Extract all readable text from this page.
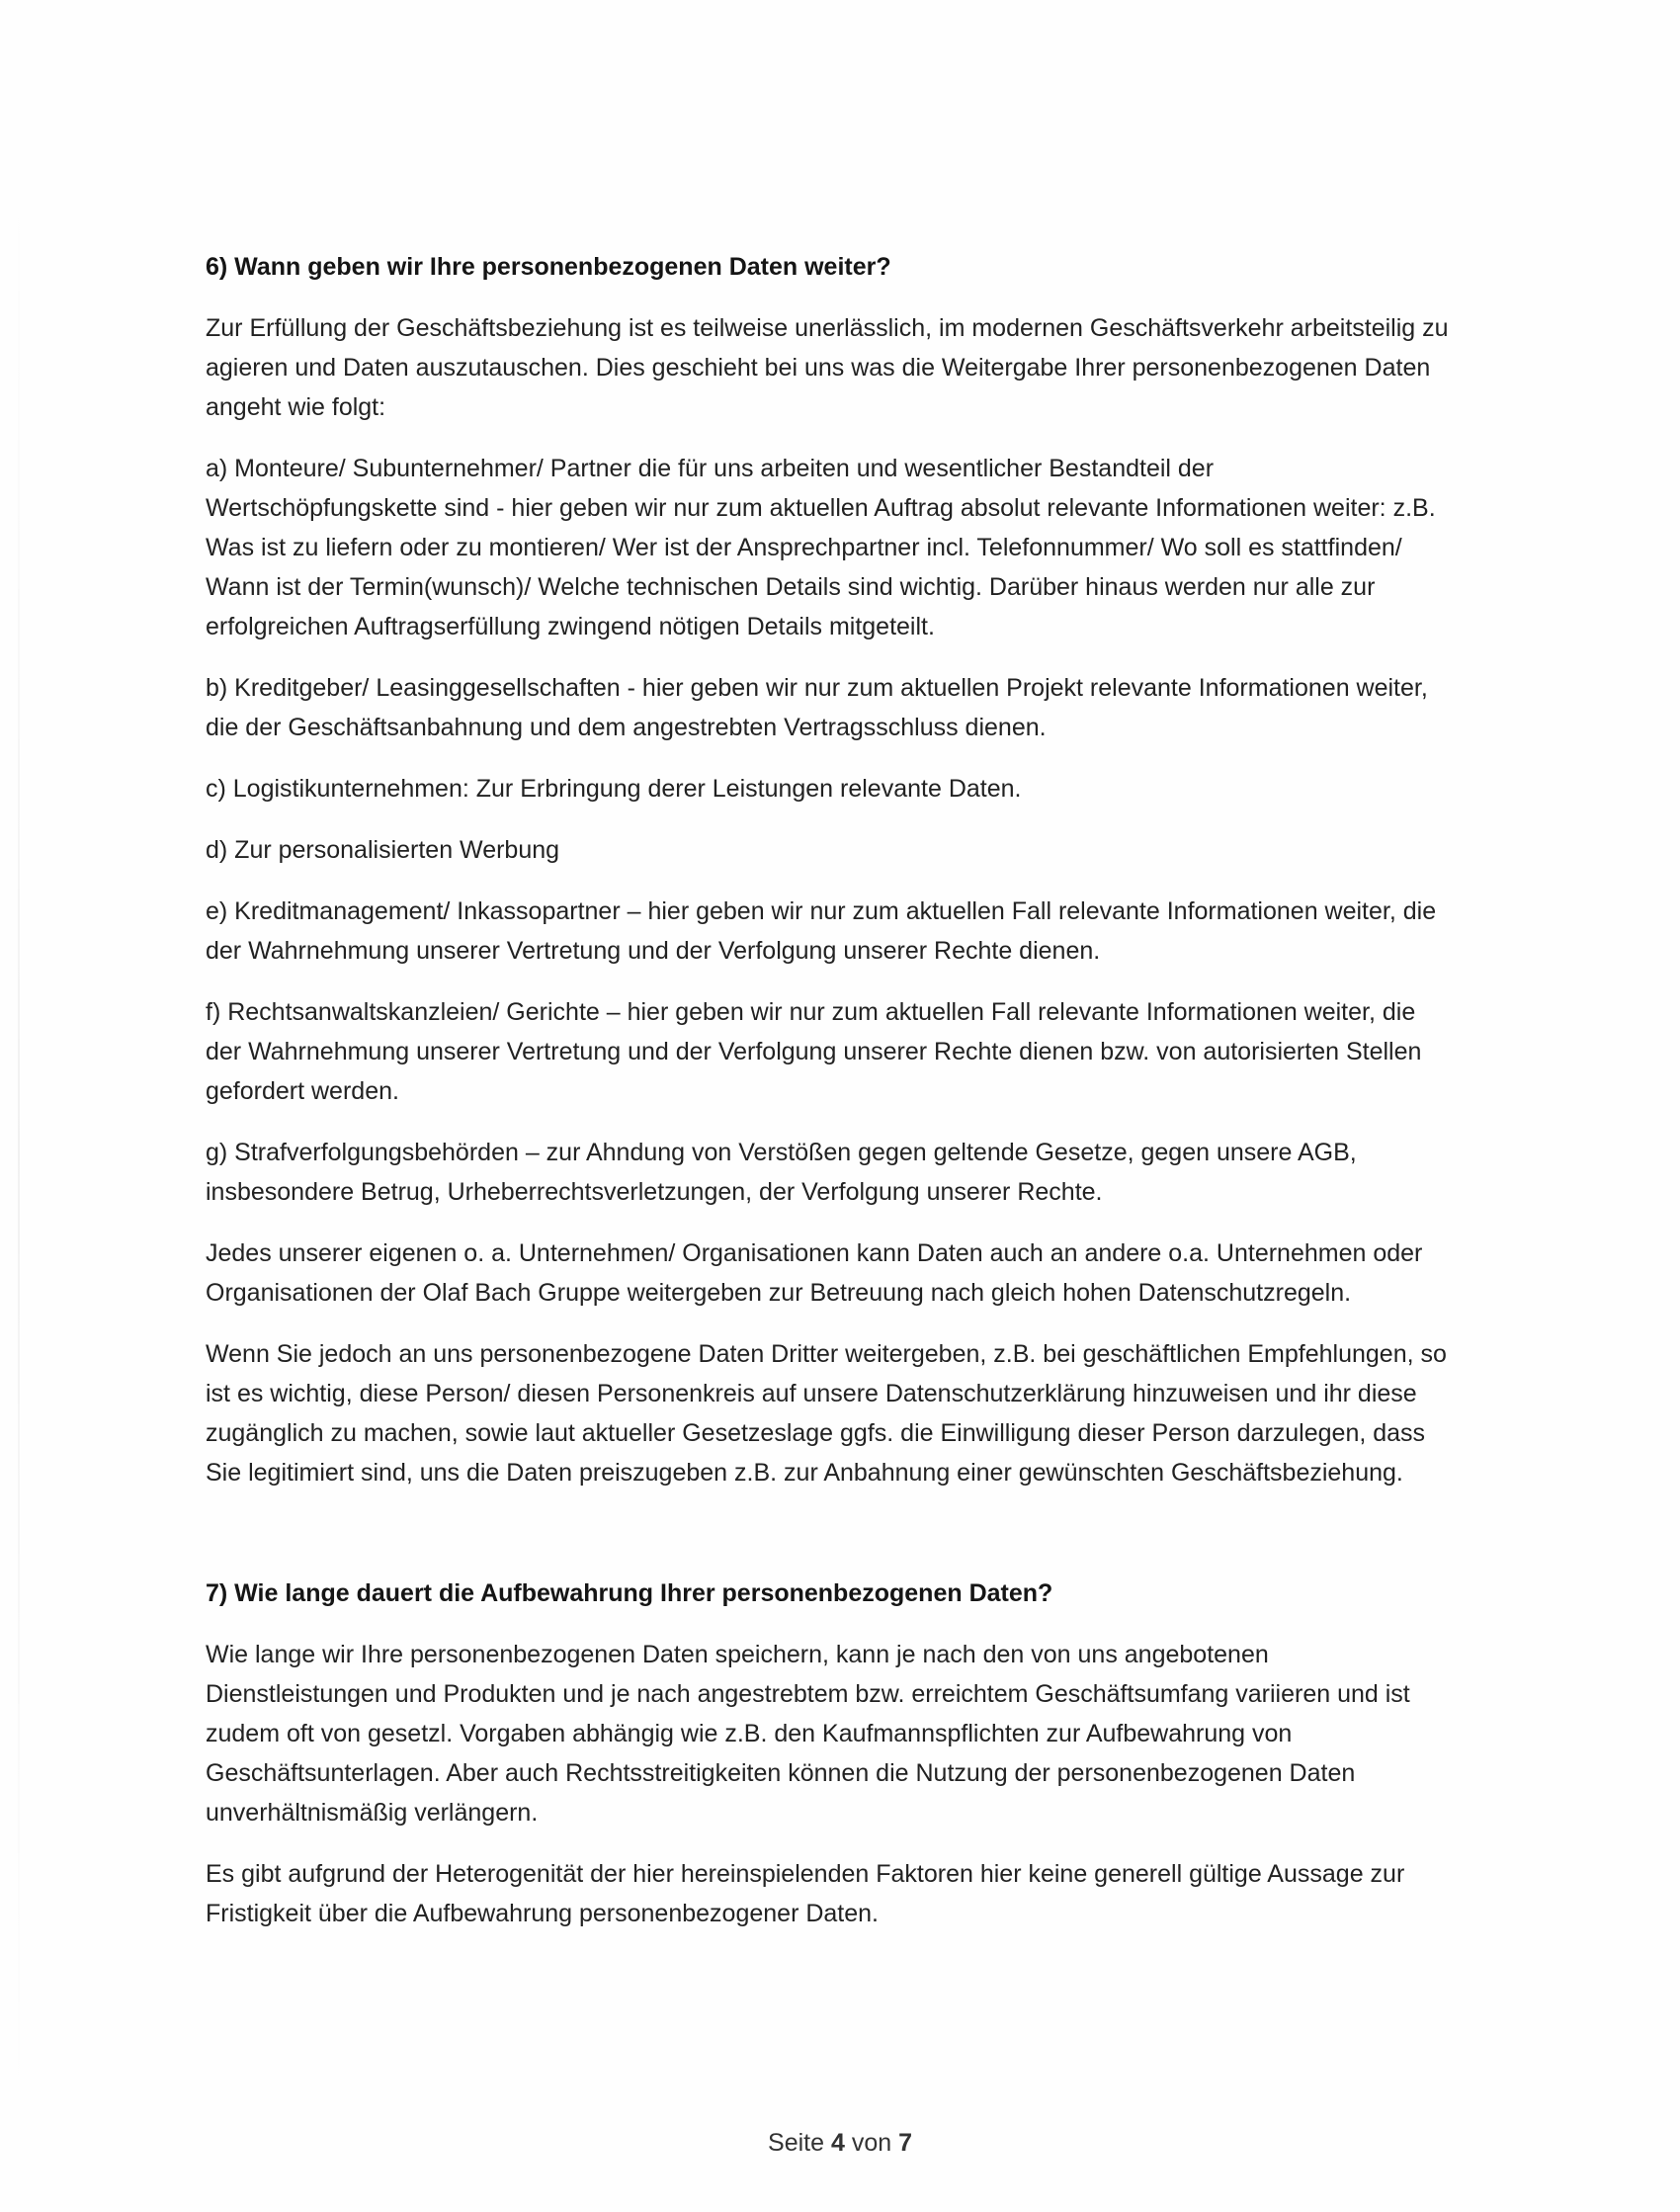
6) Wann geben wir Ihre personenbezogenen Daten weiter?
Zur Erfüllung der Geschäftsbeziehung ist es teilweise unerlässlich, im modernen Geschäftsverkehr arbeitsteilig zu agieren und Daten auszutauschen. Dies geschieht bei uns was die Weitergabe Ihrer personenbezogenen Daten angeht wie folgt:
a) Monteure/ Subunternehmer/ Partner die für uns arbeiten und wesentlicher Bestandteil der Wertschöpfungskette sind - hier geben wir nur zum aktuellen Auftrag absolut relevante Informationen weiter: z.B. Was ist zu liefern oder zu montieren/ Wer ist der Ansprechpartner incl. Telefonnummer/ Wo soll es stattfinden/ Wann ist der Termin(wunsch)/ Welche technischen Details sind wichtig. Darüber hinaus werden nur alle zur erfolgreichen Auftragserfüllung zwingend nötigen Details mitgeteilt.
b) Kreditgeber/ Leasinggesellschaften - hier geben wir nur zum aktuellen Projekt relevante Informationen weiter, die der Geschäftsanbahnung und dem angestrebten Vertragsschluss dienen.
c) Logistikunternehmen: Zur Erbringung derer Leistungen relevante Daten.
d) Zur personalisierten Werbung
e) Kreditmanagement/ Inkassopartner – hier geben wir nur zum aktuellen Fall relevante Informationen weiter, die der Wahrnehmung unserer Vertretung und der Verfolgung unserer Rechte dienen.
f) Rechtsanwaltskanzleien/ Gerichte – hier geben wir nur zum aktuellen Fall relevante Informationen weiter, die der Wahrnehmung unserer Vertretung und der Verfolgung unserer Rechte dienen bzw. von autorisierten Stellen gefordert werden.
g) Strafverfolgungsbehörden – zur Ahndung von Verstößen gegen geltende Gesetze, gegen unsere AGB, insbesondere Betrug, Urheberrechtsverletzungen, der Verfolgung unserer Rechte.
Jedes unserer eigenen o. a. Unternehmen/ Organisationen kann Daten auch an andere o.a. Unternehmen oder Organisationen der Olaf Bach Gruppe weitergeben zur Betreuung nach gleich hohen Datenschutzregeln.
Wenn Sie jedoch an uns personenbezogene Daten Dritter weitergeben, z.B. bei geschäftlichen Empfehlungen, so ist es wichtig, diese Person/ diesen Personenkreis auf unsere Datenschutzerklärung hinzuweisen und ihr diese zugänglich zu machen, sowie laut aktueller Gesetzeslage ggfs. die Einwilligung dieser Person darzulegen, dass Sie legitimiert sind, uns die Daten preiszugeben z.B. zur Anbahnung einer gewünschten Geschäftsbeziehung.
7) Wie lange dauert die Aufbewahrung Ihrer personenbezogenen Daten?
Wie lange wir Ihre personenbezogenen Daten speichern, kann je nach den von uns angebotenen Dienstleistungen und Produkten und je nach angestrebtem bzw. erreichtem Geschäftsumfang variieren und ist zudem oft von gesetzl. Vorgaben abhängig wie z.B. den Kaufmannspflichten zur Aufbewahrung von Geschäftsunterlagen. Aber auch Rechtsstreitigkeiten können die Nutzung der personenbezogenen Daten unverhältnismäßig verlängern.
Es gibt aufgrund der Heterogenität der hier hereinspielenden Faktoren hier keine generell gültige Aussage zur Fristigkeit über die Aufbewahrung personenbezogener Daten.
Seite 4 von 7
